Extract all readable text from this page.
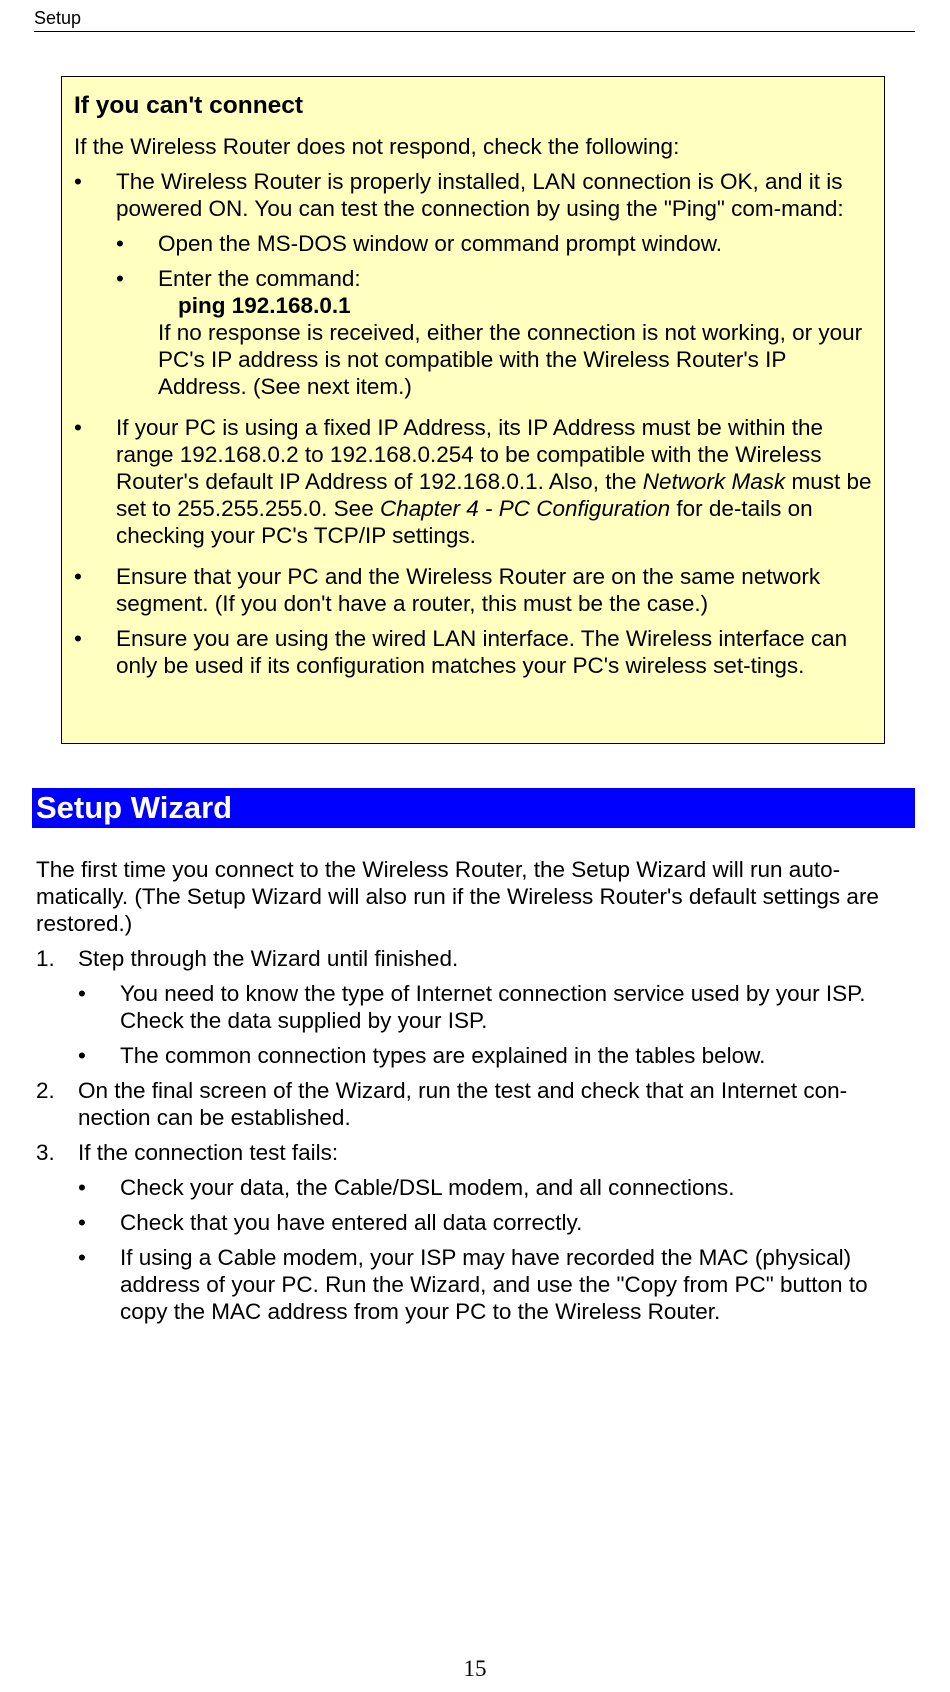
Setup
If you can't connect
If the Wireless Router does not respond, check the following:
• The Wireless Router is properly installed, LAN connection is OK, and it is powered ON. You can test the connection by using the "Ping" com-mand:
• Open the MS-DOS window or command prompt window.
• Enter the command:
ping 192.168.0.1
If no response is received, either the connection is not working, or your PC's IP address is not compatible with the Wireless Router's IP Address. (See next item.)
• If your PC is using a fixed IP Address, its IP Address must be within the range 192.168.0.2 to 192.168.0.254 to be compatible with the Wireless Router's default IP Address of 192.168.0.1. Also, the Network Mask must be set to 255.255.255.0. See Chapter 4 - PC Configuration for de-tails on checking your PC's TCP/IP settings.
• Ensure that your PC and the Wireless Router are on the same network segment. (If you don't have a router, this must be the case.)
• Ensure you are using the wired LAN interface. The Wireless interface can only be used if its configuration matches your PC's wireless set-tings.
Setup Wizard
The first time you connect to the Wireless Router, the Setup Wizard will run auto-matically. (The Setup Wizard will also run if the Wireless Router's default settings are restored.)
1. Step through the Wizard until finished.
• You need to know the type of Internet connection service used by your ISP. Check the data supplied by your ISP.
• The common connection types are explained in the tables below.
2. On the final screen of the Wizard, run the test and check that an Internet con-nection can be established.
3. If the connection test fails:
• Check your data, the Cable/DSL modem, and all connections.
• Check that you have entered all data correctly.
• If using a Cable modem, your ISP may have recorded the MAC (physical) address of your PC. Run the Wizard, and use the "Copy from PC" button to copy the MAC address from your PC to the Wireless Router.
15
